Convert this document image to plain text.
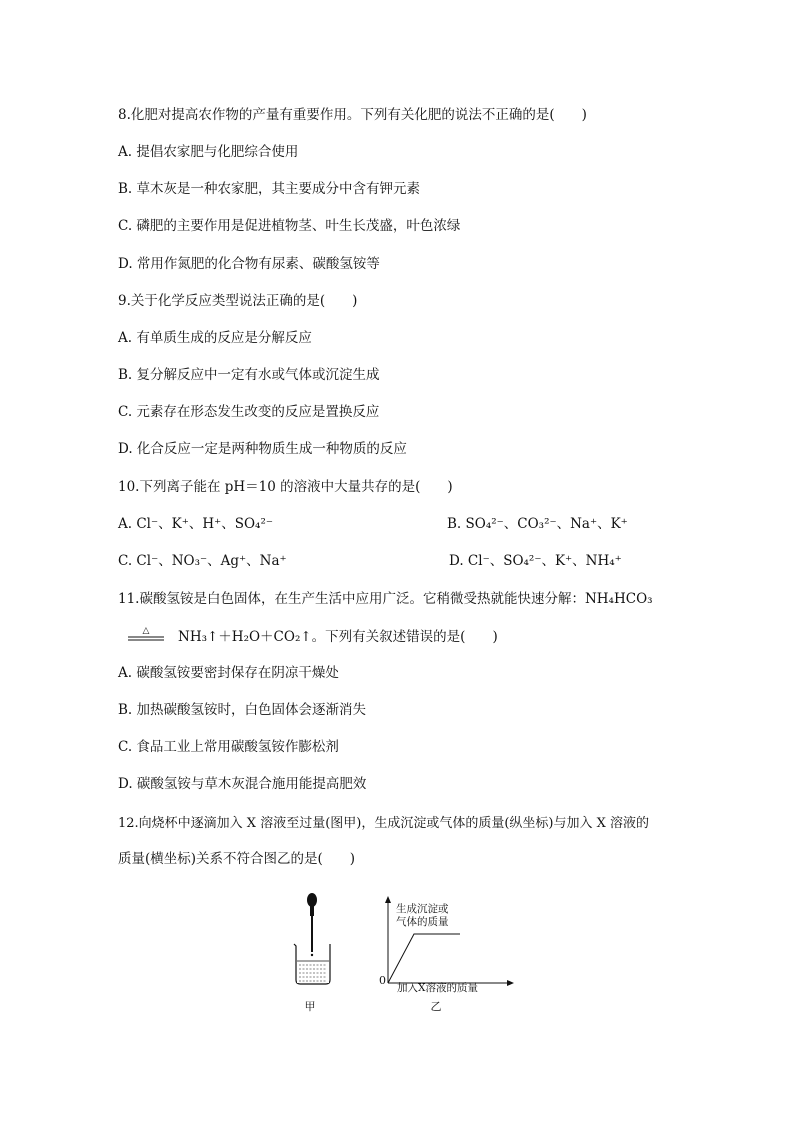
8.化肥对提高农作物的产量有重要作用。下列有关化肥的说法不正确的是(　　)
A. 提倡农家肥与化肥综合使用
B. 草木灰是一种农家肥，其主要成分中含有钾元素
C. 磷肥的主要作用是促进植物茎、叶生长茂盛，叶色浓绿
D. 常用作氮肥的化合物有尿素、碳酸氢铵等
9.关于化学反应类型说法正确的是(　　)
A. 有单质生成的反应是分解反应
B. 复分解反应中一定有水或气体或沉淀生成
C. 元素存在形态发生改变的反应是置换反应
D. 化合反应一定是两种物质生成一种物质的反应
10.下列离子能在 pH＝10 的溶液中大量共存的是(　　)
A. Cl⁻、K⁺、H⁺、SO₄²⁻	B. SO₄²⁻、CO₃²⁻、Na⁺、K⁺
C. Cl⁻、NO₃⁻、Ag⁺、Na⁺	D. Cl⁻、SO₄²⁻、K⁺、NH₄⁺
11.碳酸氢铵是白色固体，在生产生活中应用广泛。它稍微受热就能快速分解：NH₄HCO₃
△ NH₃↑＋H₂O＋CO₂↑。下列有关叙述错误的是(　　)
A. 碳酸氢铵要密封保存在阴凉干燥处
B. 加热碳酸氢铵时，白色固体会逐渐消失
C. 食品工业上常用碳酸氢铵作膨松剂
D. 碳酸氢铵与草木灰混合施用能提高肥效
12.向烧杯中逐滴加入 X 溶液至过量(图甲)，生成沉淀或气体的质量(纵坐标)与加入 X 溶液的
质量(横坐标)关系不符合图乙的是(　　)
甲
生成沉淀或
气体的质量
0
加入X溶液的质量
乙
